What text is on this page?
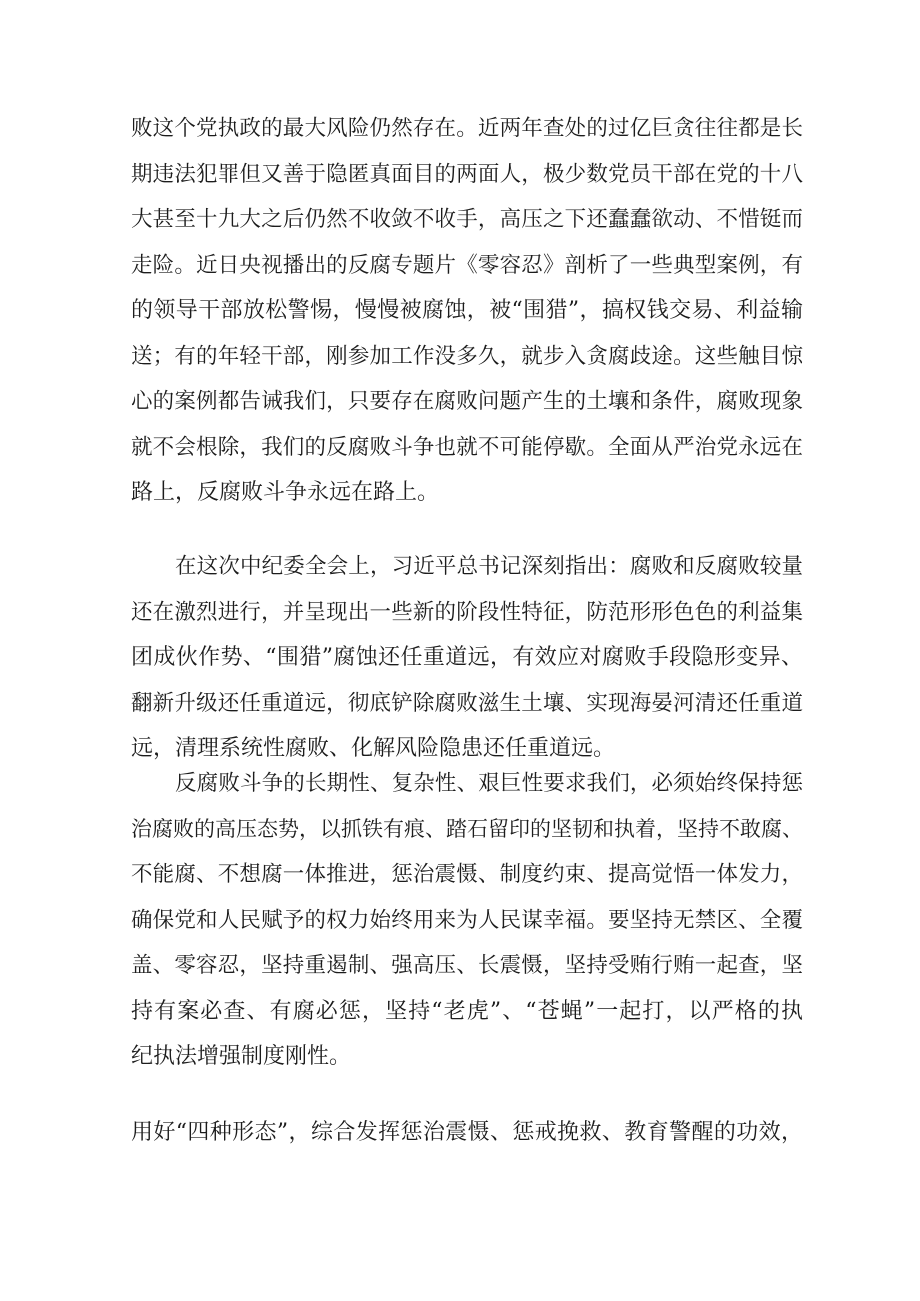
败这个党执政的最大风险仍然存在。近两年查处的过亿巨贪往往都是长
期违法犯罪但又善于隐匿真面目的两面人，极少数党员干部在党的十八
大甚至十九大之后仍然不收敛不收手，高压之下还蠢蠢欲动、不惜铤而
走险。近日央视播出的反腐专题片《零容忍》剖析了一些典型案例，有
的领导干部放松警惕，慢慢被腐蚀，被“围猎”，搞权钱交易、利益输
送；有的年轻干部，刚参加工作没多久，就步入贪腐歧途。这些触目惊
心的案例都告诫我们，只要存在腐败问题产生的土壤和条件，腐败现象
就不会根除，我们的反腐败斗争也就不可能停歇。全面从严治党永远在
路上，反腐败斗争永远在路上。
在这次中纪委全会上，习近平总书记深刻指出：腐败和反腐败较量
还在激烈进行，并呈现出一些新的阶段性特征，防范形形色色的利益集
团成伙作势、“围猎”腐蚀还任重道远，有效应对腐败手段隐形变异、
翻新升级还任重道远，彻底铲除腐败滋生土壤、实现海晏河清还任重道
远，清理系统性腐败、化解风险隐患还任重道远。
反腐败斗争的长期性、复杂性、艰巨性要求我们，必须始终保持惩
治腐败的高压态势，以抓铁有痕、踏石留印的坚韧和执着，坚持不敢腐、
不能腐、不想腐一体推进，惩治震慑、制度约束、提高觉悟一体发力，
确保党和人民赋予的权力始终用来为人民谋幸福。要坚持无禁区、全覆
盖、零容忍，坚持重遏制、强高压、长震慑，坚持受贿行贿一起查，坚
持有案必查、有腐必惩，坚持“老虎”、“苍蝇”一起打，以严格的执
纪执法增强制度刚性。
用好“四种形态”，综合发挥惩治震慑、惩戒挽救、教育警醒的功效，
